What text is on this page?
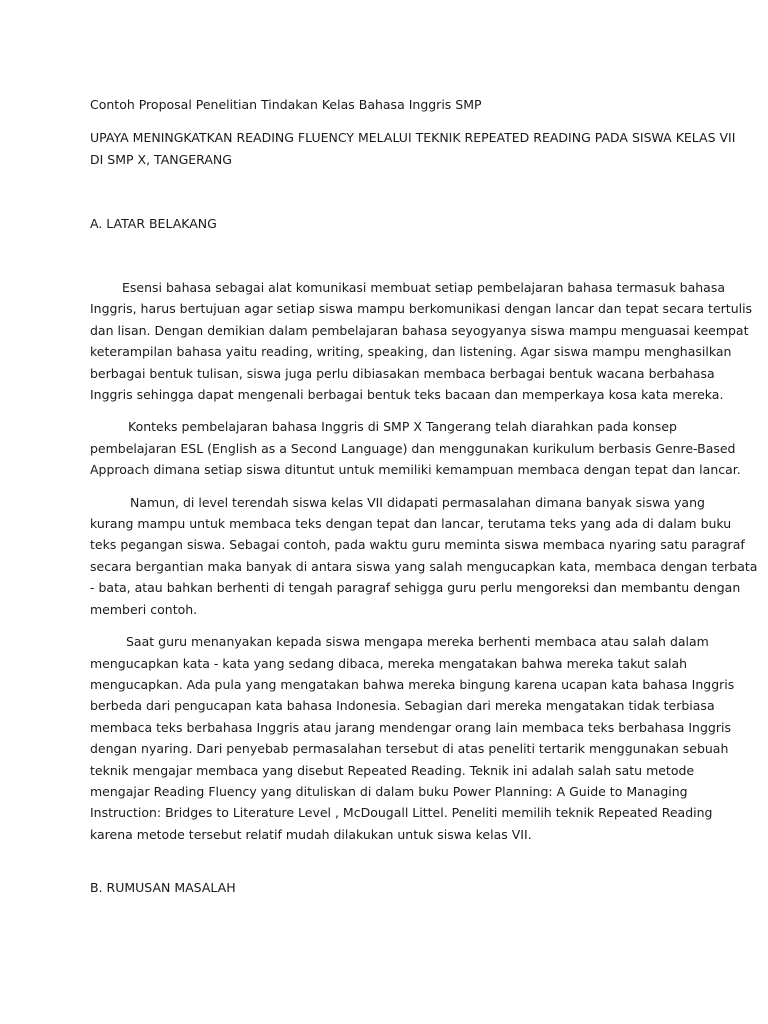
Contoh Proposal Penelitian Tindakan Kelas Bahasa Inggris SMP

UPAYA MENINGKATKAN READING FLUENCY MELALUI TEKNIK REPEATED READING PADA SISWA KELAS VII

DI SMP X, TANGERANG

A. LATAR BELAKANG

Esensi bahasa sebagai alat komunikasi membuat setiap pembelajaran bahasa termasuk bahasa
Inggris, harus bertujuan agar setiap siswa mampu berkomunikasi dengan lancar dan tepat secara tertulis
dan lisan. Dengan demikian dalam pembelajaran bahasa seyogyanya siswa mampu menguasai keempat
keterampilan bahasa yaitu reading, writing, speaking, dan listening. Agar siswa mampu menghasilkan
berbagai bentuk tulisan, siswa juga perlu dibiasakan membaca berbagai bentuk wacana berbahasa
Inggris sehingga dapat mengenali berbagai bentuk teks bacaan dan memperkaya kosa kata mereka.
Konteks pembelajaran bahasa Inggris di SMP X Tangerang telah diarahkan pada konsep
pembelajaran ESL (English as a Second Language) dan menggunakan kurikulum berbasis Genre-Based
Approach dimana setiap siswa dituntut untuk memiliki kemampuan membaca dengan tepat dan lancar.
Namun, di level terendah siswa kelas VII didapati permasalahan dimana banyak siswa yang
kurang mampu untuk membaca teks dengan tepat dan lancar, terutama teks yang ada di dalam buku
teks pegangan siswa. Sebagai contoh, pada waktu guru meminta siswa membaca nyaring satu paragraf
secara bergantian maka banyak di antara siswa yang salah mengucapkan kata, membaca dengan terbata
- bata, atau bahkan berhenti di tengah paragraf sehigga guru perlu mengoreksi dan membantu dengan
memberi contoh.
Saat guru menanyakan kepada siswa mengapa mereka berhenti membaca atau salah dalam
mengucapkan kata - kata yang sedang dibaca, mereka mengatakan bahwa mereka takut salah
mengucapkan. Ada pula yang mengatakan bahwa mereka bingung karena ucapan kata bahasa Inggris
berbeda dari pengucapan kata bahasa Indonesia. Sebagian dari mereka mengatakan tidak terbiasa
membaca teks berbahasa Inggris atau jarang mendengar orang lain membaca teks berbahasa Inggris
dengan nyaring. Dari penyebab permasalahan tersebut di atas peneliti tertarik menggunakan sebuah
teknik mengajar membaca yang disebut Repeated Reading. Teknik ini adalah salah satu metode
mengajar Reading Fluency yang dituliskan di dalam buku Power Planning: A Guide to Managing
Instruction: Bridges to Literature Level , McDougall Littel. Peneliti memilih teknik Repeated Reading
karena metode tersebut relatif mudah dilakukan untuk siswa kelas VII.

B. RUMUSAN MASALAH
